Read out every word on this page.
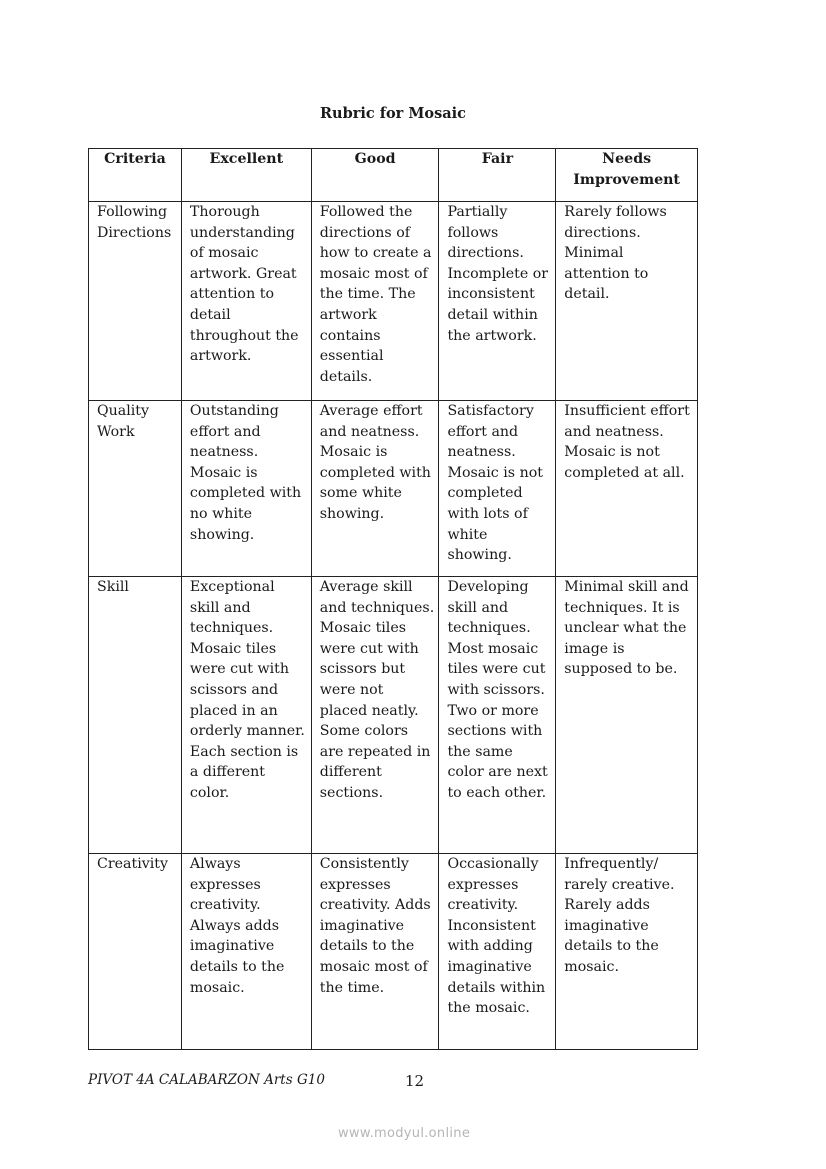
Rubric for Mosaic
Criteria	Excellent	Good	Fair	Needs Improvement
Following Directions	Thorough understanding of mosaic artwork. Great attention to detail throughout the artwork.	Followed the directions of how to create a mosaic most of the time. The artwork contains essential details.	Partially follows directions. Incomplete or inconsistent detail within the artwork.	Rarely follows directions. Minimal attention to detail.
Quality Work	Outstanding effort and neatness. Mosaic is completed with no white showing.	Average effort and neatness. Mosaic is completed with some white showing.	Satisfactory effort and neatness. Mosaic is not completed with lots of white showing.	Insufficient effort and neatness. Mosaic is not completed at all.
Skill	Exceptional skill and techniques. Mosaic tiles were cut with scissors and placed in an orderly manner. Each section is a different color.	Average skill and techniques. Mosaic tiles were cut with scissors but were not placed neatly. Some colors are repeated in different sections.	Developing skill and techniques. Most mosaic tiles were cut with scissors. Two or more sections with the same color are next to each other.	Minimal skill and techniques. It is unclear what the image is supposed to be.
Creativity	Always expresses creativity. Always adds imaginative details to the mosaic.	Consistently expresses creativity. Adds imaginative details to the mosaic most of the time.	Occasionally expresses creativity. Inconsistent with adding imaginative details within the mosaic.	Infrequently/ rarely creative. Rarely adds imaginative details to the mosaic.
PIVOT 4A CALABARZON Arts G10	12
www.modyul.online
